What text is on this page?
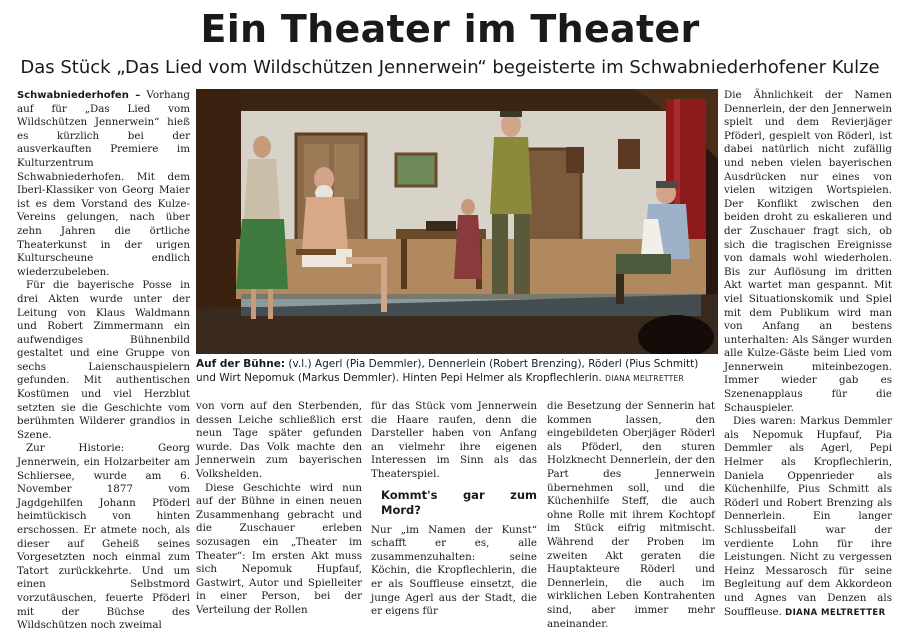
Ein Theater im Theater
Das Stück „Das Lied vom Wildschützen Jennerwein“ begeisterte im Schwabniederhofener Kulze

Schwabniederhofen – Vorhang auf für „Das Lied vom Wildschützen Jennerwein“ hieß es kürzlich bei der ausverkauften Premiere im Kulturzentrum Schwabniederhofen. Mit dem Iberl-Klassiker von Georg Maier ist es dem Vorstand des Kulze-Vereins gelungen, nach über zehn Jahren die örtliche Theaterkunst in der urigen Kulturscheune endlich wiederzubeleben.

Für die bayerische Posse in drei Akten wurde unter der Leitung von Klaus Waldmann und Robert Zimmermann ein aufwendiges Bühnenbild gestaltet und eine Gruppe von sechs Laienschauspielern gefunden. Mit authentischen Kostümen und viel Herzblut setzten sie die Geschichte vom berühmten Wilderer grandios in Szene.

Zur Historie: Georg Jennerwein, ein Holzarbeiter am Schliersee, wurde am 6. November 1877 vom Jagdgehilfen Johann Pföderl heimtückisch von hinten erschossen. Er atmete noch, als dieser auf Geheiß seines Vorgesetzten noch einmal zum Tatort zurückkehrte. Und um einen Selbstmord vorzutäuschen, feuerte Pföderl mit der Büchse des Wildschützen noch zweimal

Auf der Bühne: (v.l.) Agerl (Pia Demmler), Dennerlein (Robert Brenzing), Röderl (Pius Schmitt) und Wirt Nepomuk (Markus Demmler). Hinten Pepi Helmer als Kropflechlerin. DIANA MELTRETTER

von vorn auf den Sterbenden, dessen Leiche schließlich erst neun Tage später gefunden wurde. Das Volk machte den Jennerwein zum bayerischen Volkshelden.

Diese Geschichte wird nun auf der Bühne in einen neuen Zusammenhang gebracht und die Zuschauer erleben sozusagen ein „Theater im Theater“: Im ersten Akt muss sich Nepomuk Hupfauf, Gastwirt, Autor und Spielleiter in einer Person, bei der Verteilung der Rollen

für das Stück vom Jennerwein die Haare raufen, denn die Darsteller haben von Anfang an vielmehr ihre eigenen Interessen im Sinn als das Theaterspiel.

Kommt's gar zum Mord?

Nur „im Namen der Kunst“ schafft er es, alle zusammenzuhalten: seine Köchin, die Kropflechlerin, die er als Souffleuse einsetzt, die junge Agerl aus der Stadt, die er eigens für

die Besetzung der Sennerin hat kommen lassen, den eingebildeten Oberjäger Röderl als Pföderl, den sturen Holzknecht Dennerlein, der den Part des Jennerwein übernehmen soll, und die Küchenhilfe Steff, die auch ohne Rolle mit ihrem Kochtopf im Stück eifrig mitmischt. Während der Proben im zweiten Akt geraten die Hauptakteure Röderl und Dennerlein, die auch im wirklichen Leben Kontrahenten sind, aber immer mehr aneinander.

Die Ähnlichkeit der Namen Dennerlein, der den Jennerwein spielt und dem Revierjäger Pföderl, gespielt von Röderl, ist dabei natürlich nicht zufällig und neben vielen bayerischen Ausdrücken nur eines von vielen witzigen Wortspielen. Der Konflikt zwischen den beiden droht zu eskalieren und der Zuschauer fragt sich, ob sich die tragischen Ereignisse von damals wohl wiederholen. Bis zur Auflösung im dritten Akt wartet man gespannt. Mit viel Situationskomik und Spiel mit dem Publikum wird man von Anfang an bestens unterhalten: Als Sänger wurden alle Kulze-Gäste beim Lied vom Jennerwein miteinbezogen. Immer wieder gab es Szenenapplaus für die Schauspieler.

Dies waren: Markus Demmler als Nepomuk Hupfauf, Pia Demmler als Agerl, Pepi Helmer als Kropflechlerin, Daniela Oppenrieder als Küchenhilfe, Pius Schmitt als Röderl und Robert Brenzing als Dennerlein. Ein langer Schlussbeifall war der verdiente Lohn für ihre Leistungen. Nicht zu vergessen Heinz Messarosch für seine Begleitung auf dem Akkordeon und Agnes van Denzen als Souffleuse. DIANA MELTRETTER
